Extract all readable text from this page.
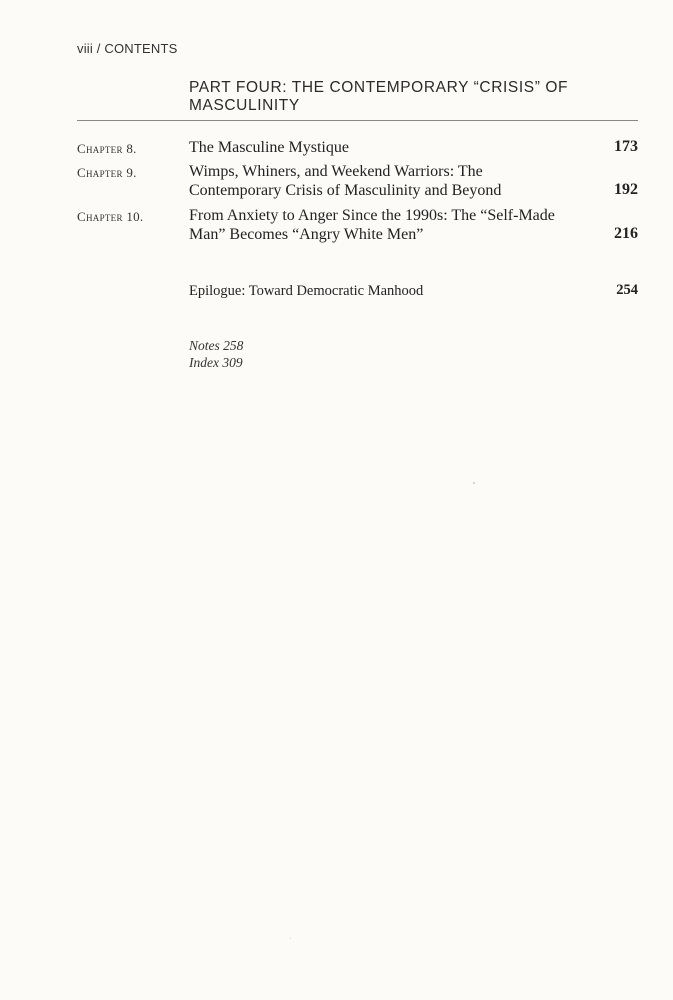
viii / CONTENTS
PART FOUR: THE CONTEMPORARY “CRISIS” OF
MASCULINITY
Chapter 8.	The Masculine Mystique	173
Chapter 9.	Wimps, Whiners, and Weekend Warriors: The
Contemporary Crisis of Masculinity and Beyond	192
Chapter 10.	From Anxiety to Anger Since the 1990s: The “Self-Made
Man” Becomes “Angry White Men”	216
Epilogue: Toward Democratic Manhood	254
Notes 258
Index 309
